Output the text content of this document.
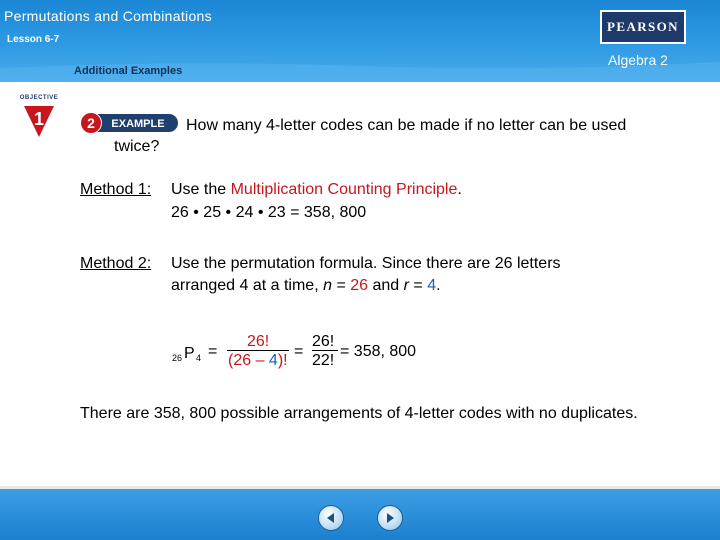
Permutations and Combinations
Lesson 6-7
Additional Examples
PEARSON
Algebra 2
OBJECTIVE
1	2 EXAMPLE How many 4-letter codes can be made if no letter can be used
twice?
Method 1: Use the Multiplication Counting Principle.
26 • 25 • 24 • 23 = 358, 800
Method 2: Use the permutation formula. Since there are 26 letters
arranged 4 at a time, n = 26 and r = 4.
26 P 4 =
26!
(26 – 4)!
=
26!
22!
= 358, 800
There are 358, 800 possible arrangements of 4-letter codes with no duplicates.
